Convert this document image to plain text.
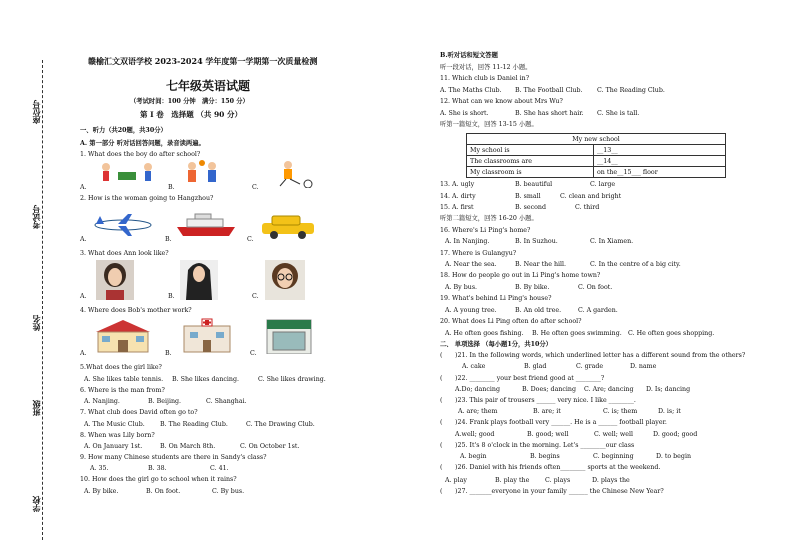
座位号
考试号
姓名
班级
学校
赣榆汇文双语学校 2023-2024 学年度第一学期第一次质量检测
七年级英语试题
（考试时间：100 分钟　满分：150 分）
第 I 卷　选择题 （共 90 分）
一、听力（共20题，共30分）
A. 第一部分 听对话回答问题，录音读两遍。
1. What does the boy do after school?
A.	B.	C.
2. How is the woman going to Hangzhou?
A.	B.	C.
3. What does Ann look like?
A.	B.	C.
4. Where does Bob's mother work?
A.	B.	C.
5.What does the girl like?
A. She likes table tennis. B. She likes dancing.	C. She likes drawing.
6. Where is the man from?
A. Nanjing.	B. Beijing.	C. Shanghai.
7. What club does David often go to?
A. The Music Club. B. The Reading Club.	C. The Drawing Club.
8. When was Lily born?
A. On January 1st.	B. On March 8th.	C. On October 1st.
9. How many Chinese students are there in Sandy's class?
A. 35.	B. 38.	C. 41.
10. How does the girl go to school when it rains?
A. By bike.	B. On foot.	C. By bus.
B.听对话和短文答题
听一段对话，回答 11-12 小题。
11. Which club is Daniel in?
A. The Maths Club. B. The Football Club. C. The Reading Club.
12. What can we know about Mrs Wu?
A. She is short.	B. She has short hair. C. She is tall.
听第一篇短文，回答 13-15 小题。
My new school	
My school is	__13__
The classrooms are	__14__
My classroom is	on the__15___ floor
13. A. ugly	B. beautiful	C. large
14. A. dirty	B. small	C. clean and bright
15. A. first	B. second	C. third
听第二篇短文，回答 16-20 小题。
16. Where's Li Ping's home?
A. In Nanjing.	B. In Suzhou.	C. In Xiamen.
17. Where is Gulangyu?
A. Near the sea.	B. Near the hill.	C. In the centre of a big city.
18. How do people go out in Li Ping's home town?
A. By bus.	B. By bike.	C. On foot.
19. What's behind Li Ping's house?
A. A young tree.	B. An old tree.	C. A garden.
20. What does Li Ping often do after school?
A. He often goes fishing. B. He often goes swimming. C. He often goes shopping.
二、 单项选择 （每小题1分，共10分）
(　　)21. In the following words, which underlined letter has a different sound from the others?
A. cake	B. glad	C. grade	D. name
(　　)22. ________ your best friend good at ________?
A.Do; dancing	B. Does; dancing C. Are; dancing D. Is; dancing
(　　)23. This pair of trousers ______ very nice. I like ________.
A. are; them	B. are; it	C. is; them	D. is; it
(　　)24. Frank plays football very ______. He is a ______ football player.
A.well; good	B. good; well	C. well; well	D. good; good
(　　)25. It's 8 o'clock in the morning. Let's ________our class
A. begin	B. begins	C. beginning	D. to begin
(　　)26. Daniel with his friends often________ sports at the weekend.
A. play	B. play the C. plays	D. plays the
(　　)27. _______everyone in your family ______ the Chinese New Year?
